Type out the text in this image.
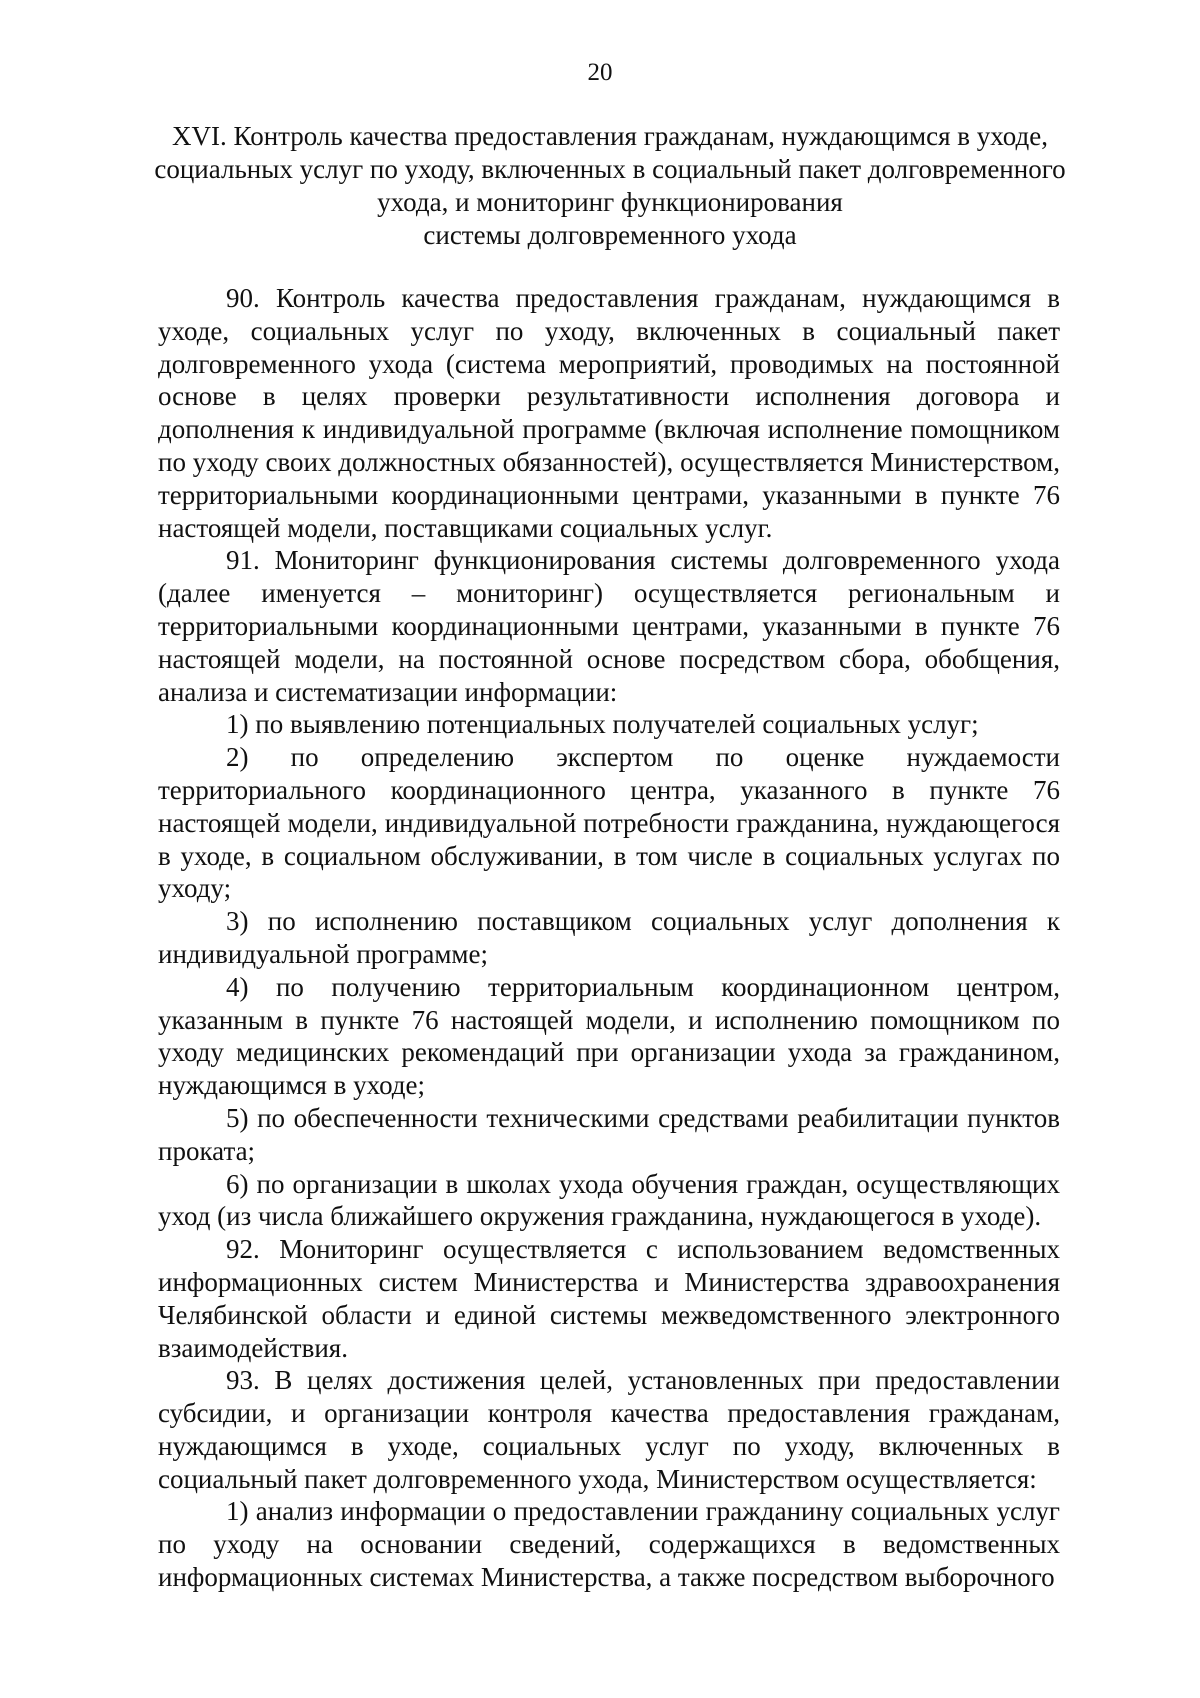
20
XVI. Контроль качества предоставления гражданам, нуждающимся в уходе,
социальных услуг по уходу, включенных в социальный пакет долговременного
ухода, и мониторинг функционирования
системы долговременного ухода

90. Контроль качества предоставления гражданам, нуждающимся в уходе, социальных услуг по уходу, включенных в социальный пакет долговременного ухода (система мероприятий, проводимых на постоянной основе в целях проверки результативности исполнения договора и дополнения к индивидуальной программе (включая исполнение помощником по уходу своих должностных обязанностей), осуществляется Министерством, территориальными координационными центрами, указанными в пункте 76 настоящей модели, поставщиками социальных услуг.

91. Мониторинг функционирования системы долговременного ухода (далее именуется – мониторинг) осуществляется региональным и территориальными координационными центрами, указанными в пункте 76 настоящей модели, на постоянной основе посредством сбора, обобщения, анализа и систематизации информации:

1) по выявлению потенциальных получателей социальных услуг;

2) по определению экспертом по оценке нуждаемости территориального координационного центра, указанного в пункте 76 настоящей модели, индивидуальной потребности гражданина, нуждающегося в уходе, в социальном обслуживании, в том числе в социальных услугах по уходу;

3) по исполнению поставщиком социальных услуг дополнения к индивидуальной программе;

4) по получению территориальным координационном центром, указанным в пункте 76 настоящей модели, и исполнению помощником по уходу медицинских рекомендаций при организации ухода за гражданином, нуждающимся в уходе;

5) по обеспеченности техническими средствами реабилитации пунктов проката;

6) по организации в школах ухода обучения граждан, осуществляющих уход (из числа ближайшего окружения гражданина, нуждающегося в уходе).

92. Мониторинг осуществляется с использованием ведомственных информационных систем Министерства и Министерства здравоохранения Челябинской области и единой системы межведомственного электронного взаимодействия.

93. В целях достижения целей, установленных при предоставлении субсидии, и организации контроля качества предоставления гражданам, нуждающимся в уходе, социальных услуг по уходу, включенных в социальный пакет долговременного ухода, Министерством осуществляется:

1) анализ информации о предоставлении гражданину социальных услуг по уходу на основании сведений, содержащихся в ведомственных информационных системах Министерства, а также посредством выборочного
